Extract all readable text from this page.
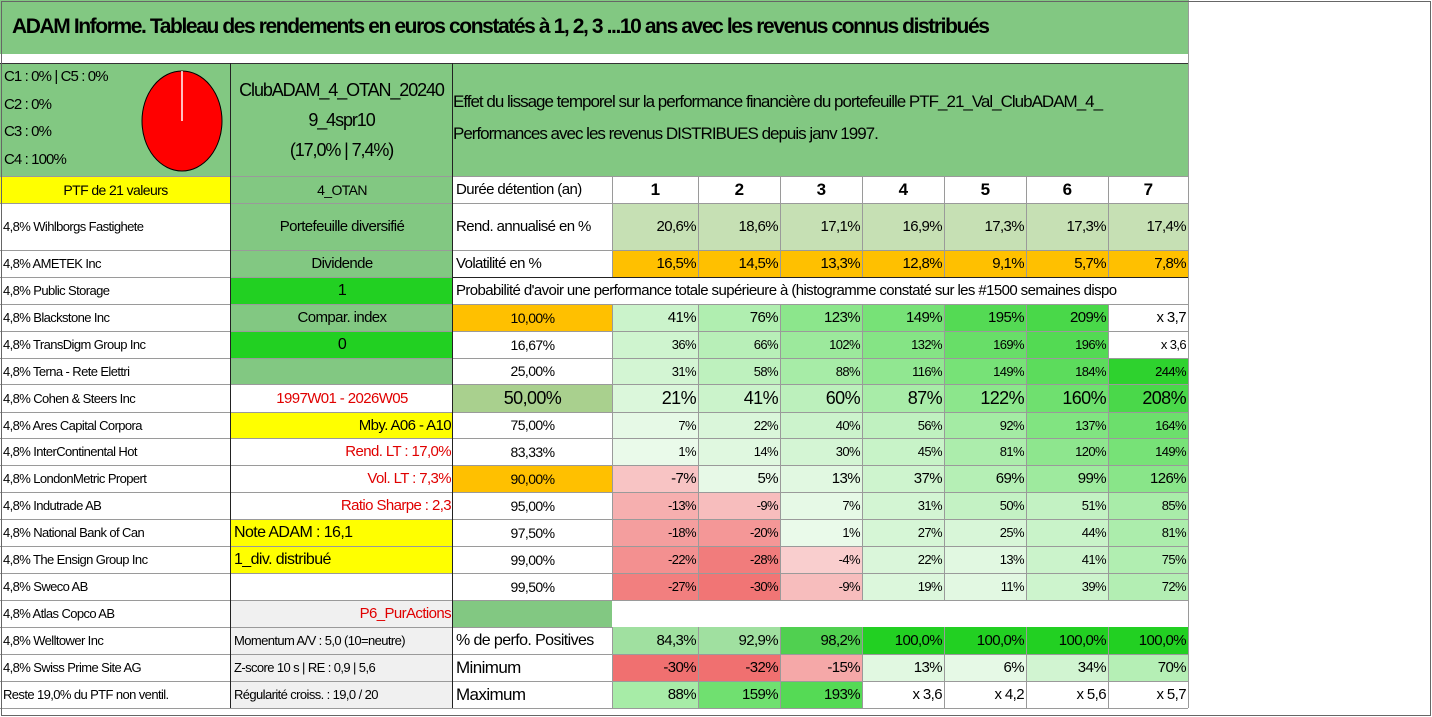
ADAM Informe. Tableau des rendements en euros constatés à 1, 2, 3 ...10 ans avec les revenus connus distribués
C1 : 0% | C5 : 0%
C2 : 0%
C3 : 0%
C4 : 100%
ClubADAM_4_OTAN_20240
9_4spr10
(17,0% | 7,4%)
Effet du lissage temporel sur la performance financière du portefeuille PTF_21_Val_ClubADAM_4_
Performances avec les revenus DISTRIBUES depuis janv 1997.
PTF de 21 valeurs
4,8% Wihlborgs Fastighete
4,8% AMETEK Inc
4,8% Public Storage
4,8% Blackstone Inc
4,8% TransDigm Group Inc
4,8% Terna - Rete Elettri
4,8% Cohen & Steers Inc
4,8% Ares Capital Corpora
4,8% InterContinental Hot
4,8% LondonMetric Propert
4,8% Indutrade AB
4,8% National Bank of Can
4,8% The Ensign Group Inc
4,8% Sweco AB
4,8% Atlas Copco AB
4,8% Welltower Inc
4,8% Swiss Prime Site AG
Reste 19,0% du PTF non ventil.
4_OTAN
Portefeuille diversifié
Dividende
1
Compar. index
0
1997W01 - 2026W05
Mby. A06 - A10
Rend. LT : 17,0%
Vol. LT : 7,3%
Ratio Sharpe : 2,3
Note ADAM : 16,1
1_div. distribué
P6_PurActions
Momentum A/V : 5,0 (10=neutre)
Z-score 10 s | RE : 0,9 | 5,6
Régularité croiss. : 19,0 / 20
Durée détention (an)	1	2	3	4	5	6	7
Rend. annualisé en %	20,6%	18,6%	17,1%	16,9%	17,3%	17,3%	17,4%
Volatilité en %	16,5%	14,5%	13,3%	12,8%	9,1%	5,7%	7,8%
Probabilité d'avoir une performance totale supérieure à (histogramme constaté sur les #1500 semaines dispo
10,00%	41%	76%	123%	149%	195%	209%	x 3,7
16,67%	36%	66%	102%	132%	169%	196%	x 3,6
25,00%	31%	58%	88%	116%	149%	184%	244%
50,00%	21%	41%	60%	87%	122%	160%	208%
75,00%	7%	22%	40%	56%	92%	137%	164%
83,33%	1%	14%	30%	45%	81%	120%	149%
90,00%	-7%	5%	13%	37%	69%	99%	126%
95,00%	-13%	-9%	7%	31%	50%	51%	85%
97,50%	-18%	-20%	1%	27%	25%	44%	81%
99,00%	-22%	-28%	-4%	22%	13%	41%	75%
99,50%	-27%	-30%	-9%	19%	11%	39%	72%
% de perfo. Positives	84,3%	92,9%	98,2%	100,0%	100,0%	100,0%	100,0%
Minimum	-30%	-32%	-15%	13%	6%	34%	70%
Maximum	88%	159%	193%	x 3,6	x 4,2	x 5,6	x 5,7
